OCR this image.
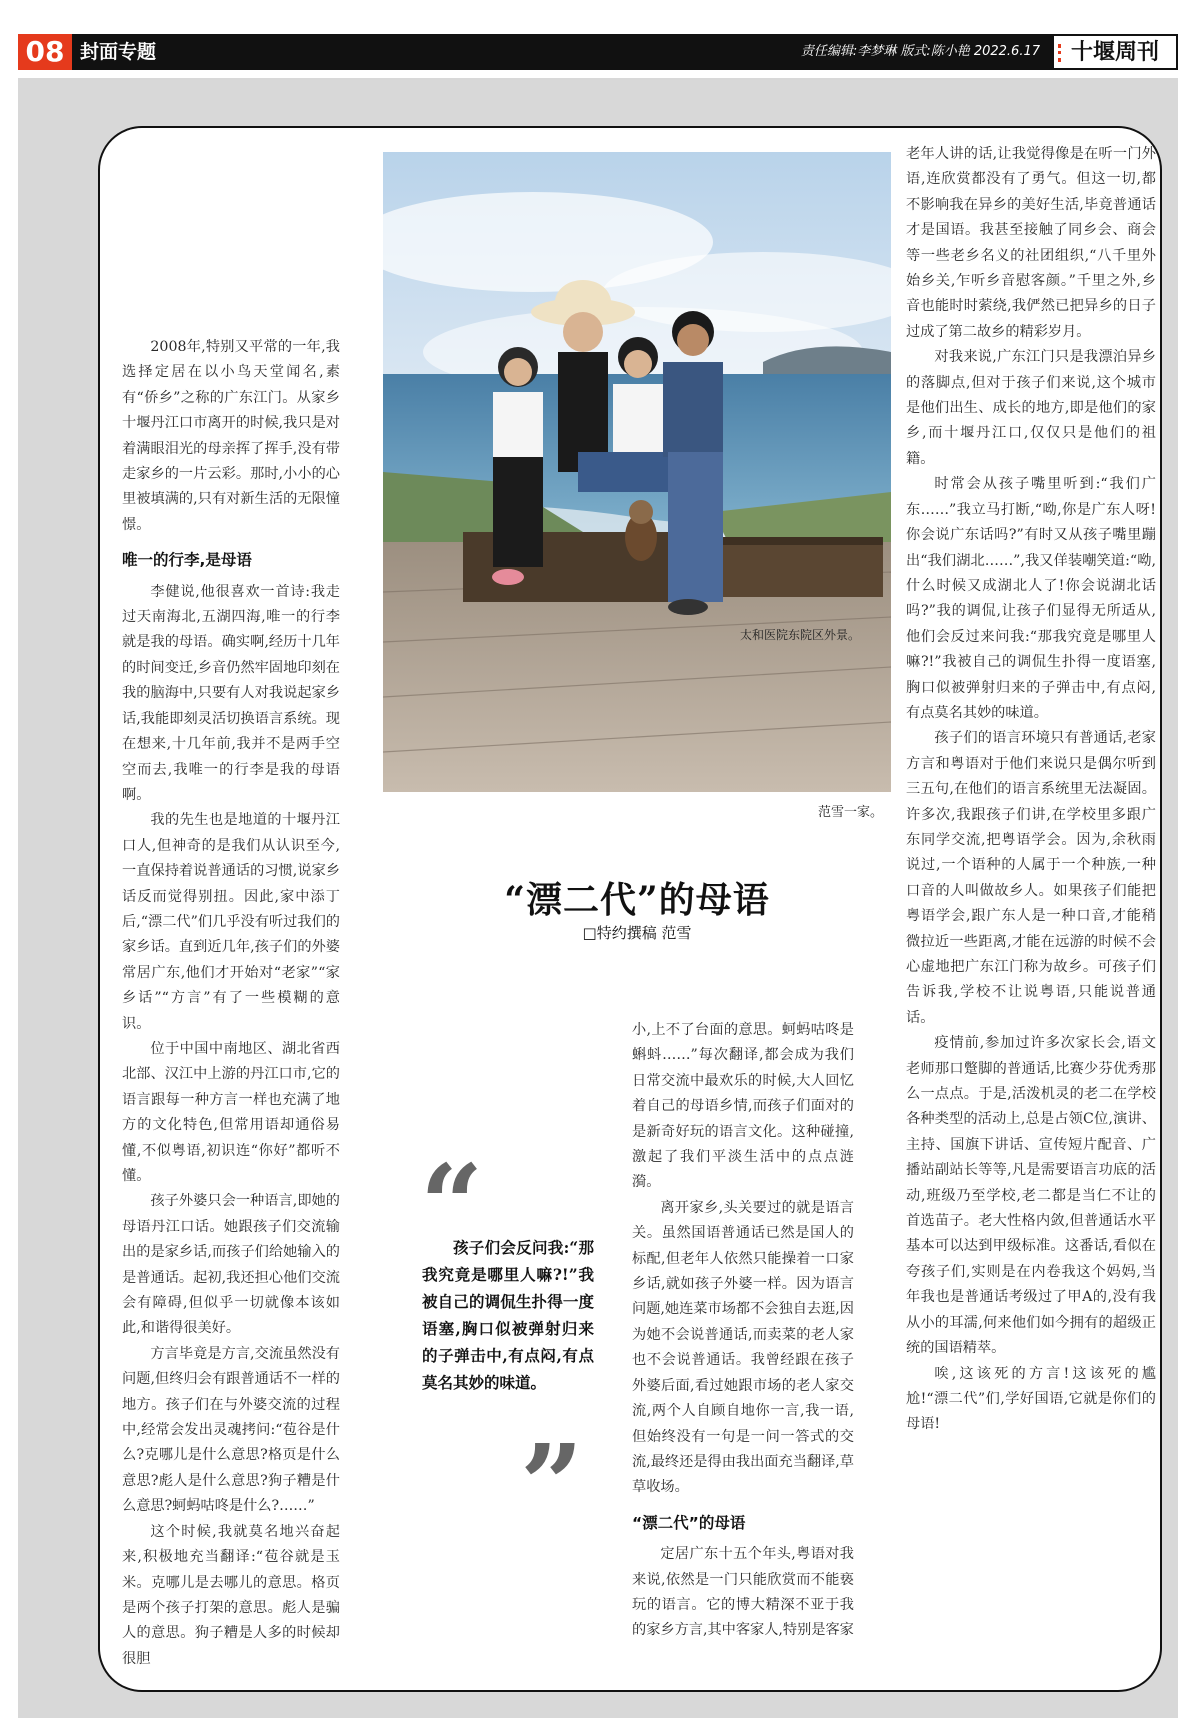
08 封面专题	责任编辑:李梦琳 版式:陈小艳 2022.6.17	十堰周刊

2008年,特别又平常的一年,我选择定居在以小鸟天堂闻名,素有“侨乡”之称的广东江门。从家乡十堰丹江口市离开的时候,我只是对着满眼泪光的母亲挥了挥手,没有带走家乡的一片云彩。那时,小小的心里被填满的,只有对新生活的无限憧憬。

唯一的行李,是母语

李健说,他很喜欢一首诗:我走过天南海北,五湖四海,唯一的行李就是我的母语。确实啊,经历十几年的时间变迁,乡音仍然牢固地印刻在我的脑海中,只要有人对我说起家乡话,我能即刻灵活切换语言系统。现在想来,十几年前,我并不是两手空空而去,我唯一的行李是我的母语啊。

我的先生也是地道的十堰丹江口人,但神奇的是我们从认识至今,一直保持着说普通话的习惯,说家乡话反而觉得别扭。因此,家中添丁后,“漂二代”们几乎没有听过我们的家乡话。直到近几年,孩子们的外婆常居广东,他们才开始对“老家”“家乡话”“方言”有了一些模糊的意识。

位于中国中南地区、湖北省西北部、汉江中上游的丹江口市,它的语言跟每一种方言一样也充满了地方的文化特色,但常用语却通俗易懂,不似粤语,初识连“你好”都听不懂。

孩子外婆只会一种语言,即她的母语丹江口话。她跟孩子们交流输出的是家乡话,而孩子们给她输入的是普通话。起初,我还担心他们交流会有障碍,但似乎一切就像本该如此,和谐得很美好。

方言毕竟是方言,交流虽然没有问题,但终归会有跟普通话不一样的地方。孩子们在与外婆交流的过程中,经常会发出灵魂拷问:“苞谷是什么?克哪儿是什么意思?格页是什么意思?彪人是什么意思?狗子糟是什么意思?蚵蚂咕咚是什么?……”

这个时候,我就莫名地兴奋起来,积极地充当翻译:“苞谷就是玉米。克哪儿是去哪儿的意思。格页是两个孩子打架的意思。彪人是骗人的意思。狗子糟是人多的时候却很胆

太和医院东院区外景。
范雪一家。
“漂二代”的母语
□特约撰稿 范雪
“
孩子们会反问我:“那我究竟是哪里人嘛?!”我被自己的调侃生扑得一度语塞,胸口似被弹射归来的子弹击中,有点闷,有点莫名其妙的味道。
”

小,上不了台面的意思。蚵蚂咕咚是蝌蚪……”每次翻译,都会成为我们日常交流中最欢乐的时候,大人回忆着自己的母语乡情,而孩子们面对的是新奇好玩的语言文化。这种碰撞,激起了我们平淡生活中的点点涟漪。

离开家乡,头关要过的就是语言关。虽然国语普通话已然是国人的标配,但老年人依然只能操着一口家乡话,就如孩子外婆一样。因为语言问题,她连菜市场都不会独自去逛,因为她不会说普通话,而卖菜的老人家也不会说普通话。我曾经跟在孩子外婆后面,看过她跟市场的老人家交流,两个人自顾自地你一言,我一语,但始终没有一句是一问一答式的交流,最终还是得由我出面充当翻译,草草收场。

“漂二代”的母语

定居广东十五个年头,粤语对我来说,依然是一门只能欣赏而不能亵玩的语言。它的博大精深不亚于我的家乡方言,其中客家人,特别是客家

老年人讲的话,让我觉得像是在听一门外语,连欣赏都没有了勇气。但这一切,都不影响我在异乡的美好生活,毕竟普通话才是国语。我甚至接触了同乡会、商会等一些老乡名义的社团组织,“八千里外始乡关,乍听乡音慰客颜。”千里之外,乡音也能时时萦绕,我俨然已把异乡的日子过成了第二故乡的精彩岁月。

对我来说,广东江门只是我漂泊异乡的落脚点,但对于孩子们来说,这个城市是他们出生、成长的地方,即是他们的家乡,而十堰丹江口,仅仅只是他们的祖籍。

时常会从孩子嘴里听到:“我们广东……”我立马打断,“呦,你是广东人呀!你会说广东话吗?”有时又从孩子嘴里蹦出“我们湖北……”,我又佯装嘲笑道:“呦,什么时候又成湖北人了!你会说湖北话吗?”我的调侃,让孩子们显得无所适从,他们会反过来问我:“那我究竟是哪里人嘛?!”我被自己的调侃生扑得一度语塞,胸口似被弹射归来的子弹击中,有点闷,有点莫名其妙的味道。

孩子们的语言环境只有普通话,老家方言和粤语对于他们来说只是偶尔听到三五句,在他们的语言系统里无法凝固。许多次,我跟孩子们讲,在学校里多跟广东同学交流,把粤语学会。因为,余秋雨说过,一个语种的人属于一个种族,一种口音的人叫做故乡人。如果孩子们能把粤语学会,跟广东人是一种口音,才能稍微拉近一些距离,才能在远游的时候不会心虚地把广东江门称为故乡。可孩子们告诉我,学校不让说粤语,只能说普通话。

疫情前,参加过许多次家长会,语文老师那口蹩脚的普通话,比赛少芬优秀那么一点点。于是,活泼机灵的老二在学校各种类型的活动上,总是占领C位,演讲、主持、国旗下讲话、宣传短片配音、广播站副站长等等,凡是需要语言功底的活动,班级乃至学校,老二都是当仁不让的首选苗子。老大性格内敛,但普通话水平基本可以达到甲级标准。这番话,看似在夸孩子们,实则是在内卷我这个妈妈,当年我也是普通话考级过了甲A的,没有我从小的耳濡,何来他们如今拥有的超级正统的国语精萃。

唉,这该死的方言!这该死的尴尬!“漂二代”们,学好国语,它就是你们的母语!
